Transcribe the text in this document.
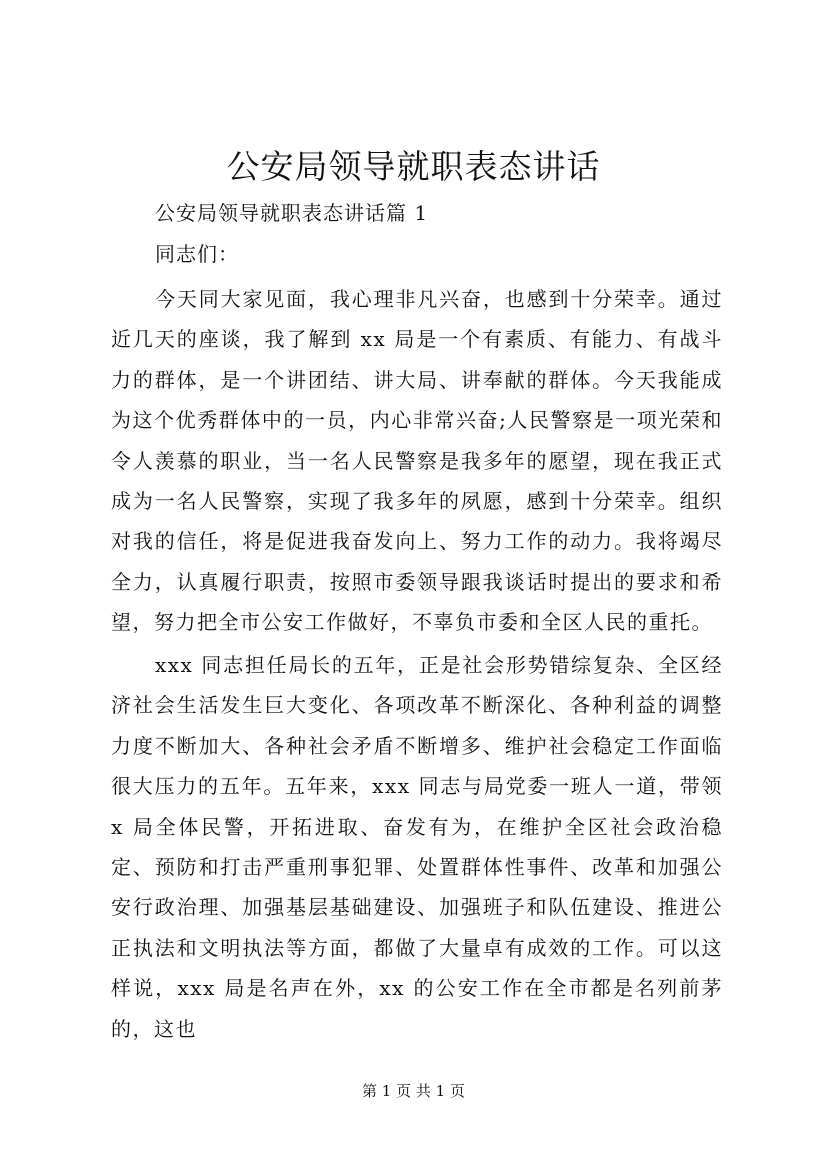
公安局领导就职表态讲话
公安局领导就职表态讲话篇 1
同志们：

今天同大家见面，我心理非凡兴奋，也感到十分荣幸。通过近几天的座谈，我了解到 xx 局是一个有素质、有能力、有战斗力的群体，是一个讲团结、讲大局、讲奉献的群体。今天我能成为这个优秀群体中的一员，内心非常兴奋;人民警察是一项光荣和令人羡慕的职业，当一名人民警察是我多年的愿望，现在我正式成为一名人民警察，实现了我多年的夙愿，感到十分荣幸。组织对我的信任，将是促进我奋发向上、努力工作的动力。我将竭尽全力，认真履行职责，按照市委领导跟我谈话时提出的要求和希望，努力把全市公安工作做好，不辜负市委和全区人民的重托。

xxx 同志担任局长的五年，正是社会形势错综复杂、全区经济社会生活发生巨大变化、各项改革不断深化、各种利益的调整力度不断加大、各种社会矛盾不断增多、维护社会稳定工作面临很大压力的五年。五年来，xxx 同志与局党委一班人一道，带领 x 局全体民警，开拓进取、奋发有为，在维护全区社会政治稳定、预防和打击严重刑事犯罪、处置群体性事件、改革和加强公安行政治理、加强基层基础建设、加强班子和队伍建设、推进公正执法和文明执法等方面，都做了大量卓有成效的工作。可以这样说，xxx 局是名声在外，xx 的公安工作在全市都是名列前茅的，这也

第 1 页 共 1 页
